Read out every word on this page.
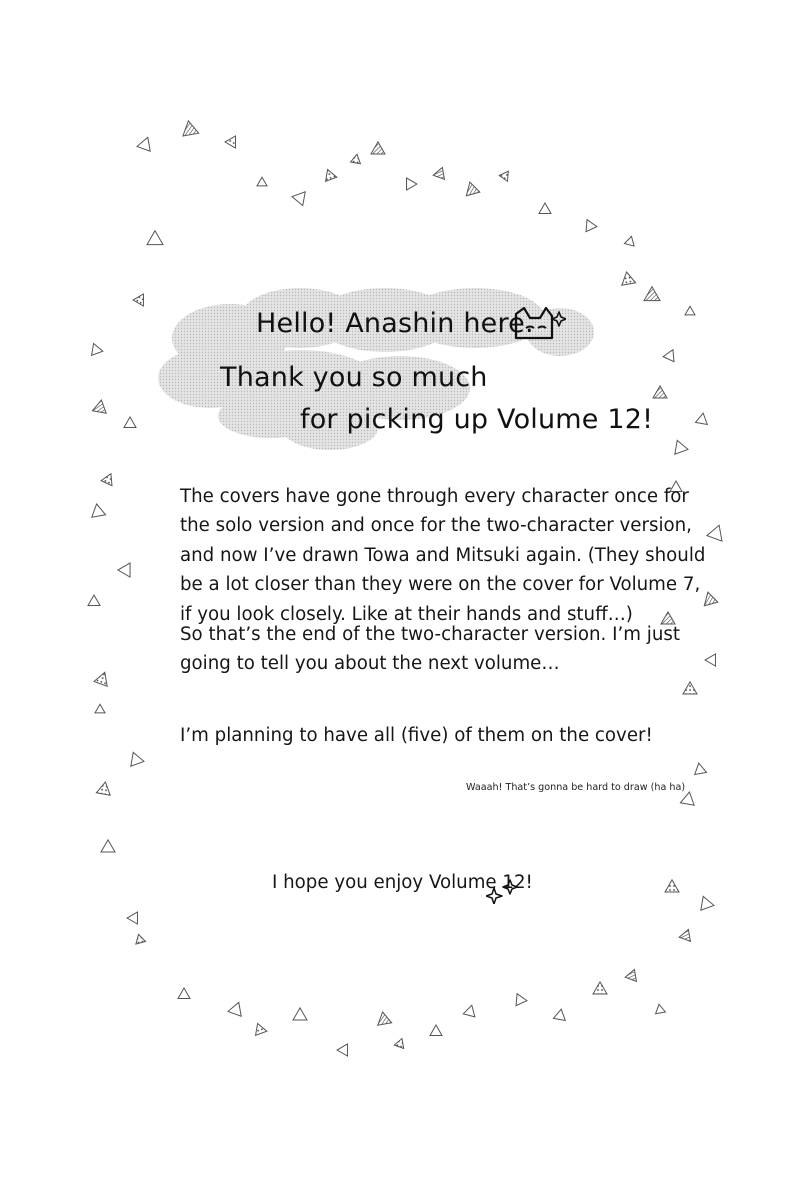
Hello! Anashin here.
Thank you so much
for picking up Volume 12!
The covers have gone through every character once for
the solo version and once for the two-character version,
and now I’ve drawn Towa and Mitsuki again. (They should
be a lot closer than they were on the cover for Volume 7,
if you look closely. Like at their hands and stuff…)
So that’s the end of the two-character version. I’m just
going to tell you about the next volume…
I’m planning to have all (five) of them on the cover!
Waaah! That’s gonna be hard to draw (ha ha)
I hope you enjoy Volume 12!
